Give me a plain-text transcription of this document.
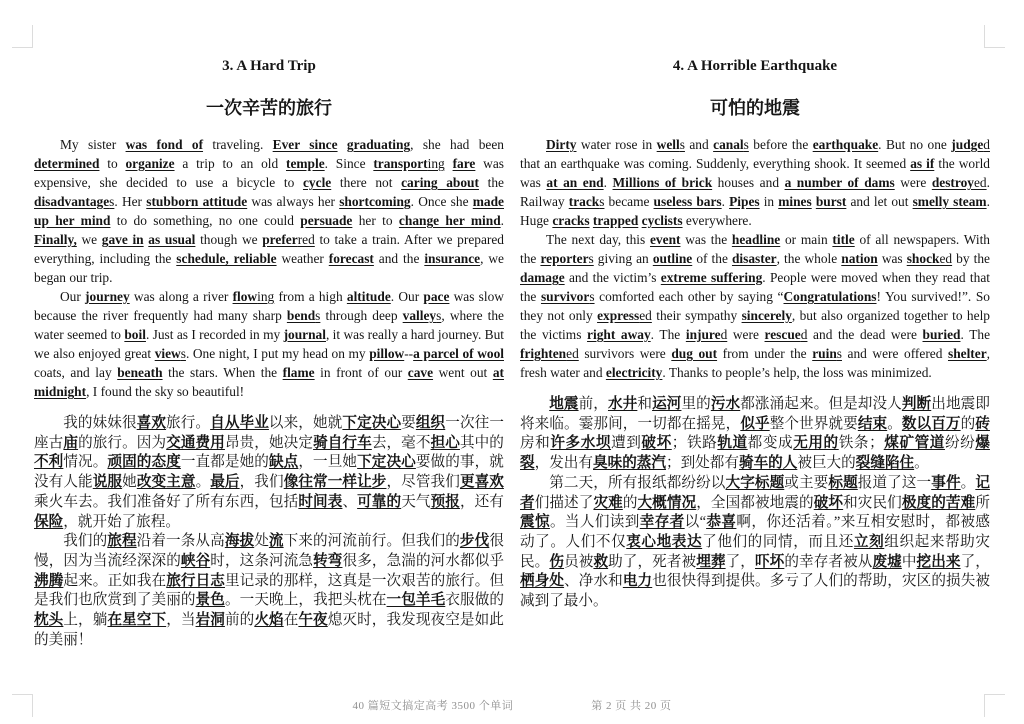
3. A Hard Trip
一次辛苦的旅行

My sister was fond of traveling. Ever since graduating, she had been determined to organize a trip to an old temple. Since transporting fare was expensive, she decided to use a bicycle to cycle there not caring about the disadvantages. Her stubborn attitude was always her shortcoming. Once she made up her mind to do something, no one could persuade her to change her mind. Finally, we gave in as usual though we preferred to take a train. After we prepared everything, including the schedule, reliable weather forecast and the insurance, we began our trip.

Our journey was along a river flowing from a high altitude. Our pace was slow because the river frequently had many sharp bends through deep valleys, where the water seemed to boil. Just as I recorded in my journal, it was really a hard journey. But we also enjoyed great views. One night, I put my head on my pillow--a parcel of wool coats, and lay beneath the stars. When the flame in front of our cave went out at midnight, I found the sky so beautiful!

我的妹妹很喜欢旅行。自从毕业以来，她就下定决心要组织一次往一座古庙的旅行。因为交通费用昂贵，她决定骑自行车去，毫不担心其中的不利情况。顽固的态度一直都是她的缺点，一旦她下定决心要做的事，就没有人能说服她改变主意。最后，我们像往常一样让步，尽管我们更喜欢乘火车去。我们准备好了所有东西，包括时间表、可靠的天气预报，还有保险，就开始了旅程。

我们的旅程沿着一条从高海拔处流下来的河流前行。但我们的步伐很慢，因为当流经深深的峡谷时，这条河流急转弯很多，急湍的河水都似乎沸腾起来。正如我在旅行日志里记录的那样，这真是一次艰苦的旅行。但是我们也欣赏到了美丽的景色。一天晚上，我把头枕在一包羊毛衣服做的枕头上，躺在星空下，当岩洞前的火焰在午夜熄灭时，我发现夜空是如此的美丽！

4. A Horrible Earthquake
可怕的地震

Dirty water rose in wells and canals before the earthquake. But no one judged that an earthquake was coming. Suddenly, everything shook. It seemed as if the world was at an end. Millions of brick houses and a number of dams were destroyed. Railway tracks became useless bars. Pipes in mines burst and let out smelly steam. Huge cracks trapped cyclists everywhere.

The next day, this event was the headline or main title of all newspapers. With the reporters giving an outline of the disaster, the whole nation was shocked by the damage and the victim’s extreme suffering. People were moved when they read that the survivors comforted each other by saying “Congratulations! You survived!”. So they not only expressed their sympathy sincerely, but also organized together to help the victims right away. The injured were rescued and the dead were buried. The frightened survivors were dug out from under the ruins and were offered shelter, fresh water and electricity. Thanks to people’s help, the loss was minimized.

地震前，水井和运河里的污水都涨涌起来。但是却没人判断出地震即将来临。霎那间，一切都在摇晃，似乎整个世界就要结束。数以百万的砖房和许多水坝遭到破坏；铁路轨道都变成无用的铁条；煤矿管道纷纷爆裂，发出有臭味的蒸汽；到处都有骑车的人被巨大的裂缝陷住。

第二天，所有报纸都纷纷以大字标题或主要标题报道了这一事件。记者们描述了灾难的大概情况，全国都被地震的破坏和灾民们极度的苦难所震惊。当人们读到幸存者以“恭喜啊，你还活着。”来互相安慰时，都被感动了。人们不仅衷心地表达了他们的同情，而且还立刻组织起来帮助灾民。伤员被救助了，死者被埋葬了，吓坏的幸存者被从废墟中挖出来了，栖身处、净水和电力也很快得到提供。多亏了人们的帮助，灾区的损失被减到了最小。

40 篇短文搞定高考 3500 个单词	第 2 页 共 20 页
